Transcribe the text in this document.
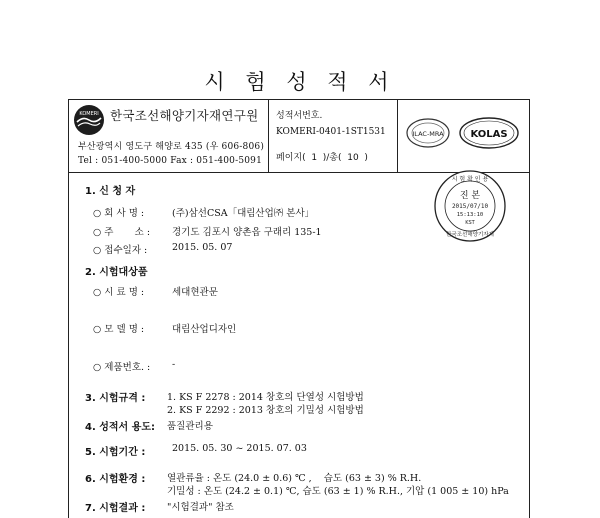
시 험 성 적 서
KOMERI 한국조선해양기자재연구원
부산광역시 영도구 해양로 435 (우 606-806)
Tel : 051-400-5000 Fax : 051-400-5091
성적서번호.
KOMERI-0401-1ST1531
페이지(  1  )/총(  10  )
ILAC-MRA	KOLAS
시 험 확 인 용
진 본
2015/07/10
15:13:10
KST
한국조선해양기자재
1. 신 청 자
○ 회 사 명 :	(주)삼선CSA「대림산업㈜ 본사」
○ 주       소 : 경기도 김포시 양촌읍 구래리 135-1
○ 접수일자 :	2015. 05. 07
2. 시험대상품
○ 시 료 명 :	세대현관문
○ 모 델 명 :	대림산업디자인
○ 제품번호. : -
3. 시험규격 : 1. KS F 2278 : 2014 창호의 단열성 시험방법
2. KS F 2292 : 2013 창호의 기밀성 시험방법
4. 성적서 용도: 품질관리용
5. 시험기간 :	2015. 05. 30 ~ 2015. 07. 03
6. 시험환경 : 열관류율 : 온도 (24.0 ± 0.6) ℃ ,    습도 (63 ± 3) % R.H.
기밀성 : 온도 (24.2 ± 0.1) ℃, 습도 (63 ± 1) % R.H., 기압 (1 005 ± 10) hPa
7. 시험결과 : "시험결과" 참조
